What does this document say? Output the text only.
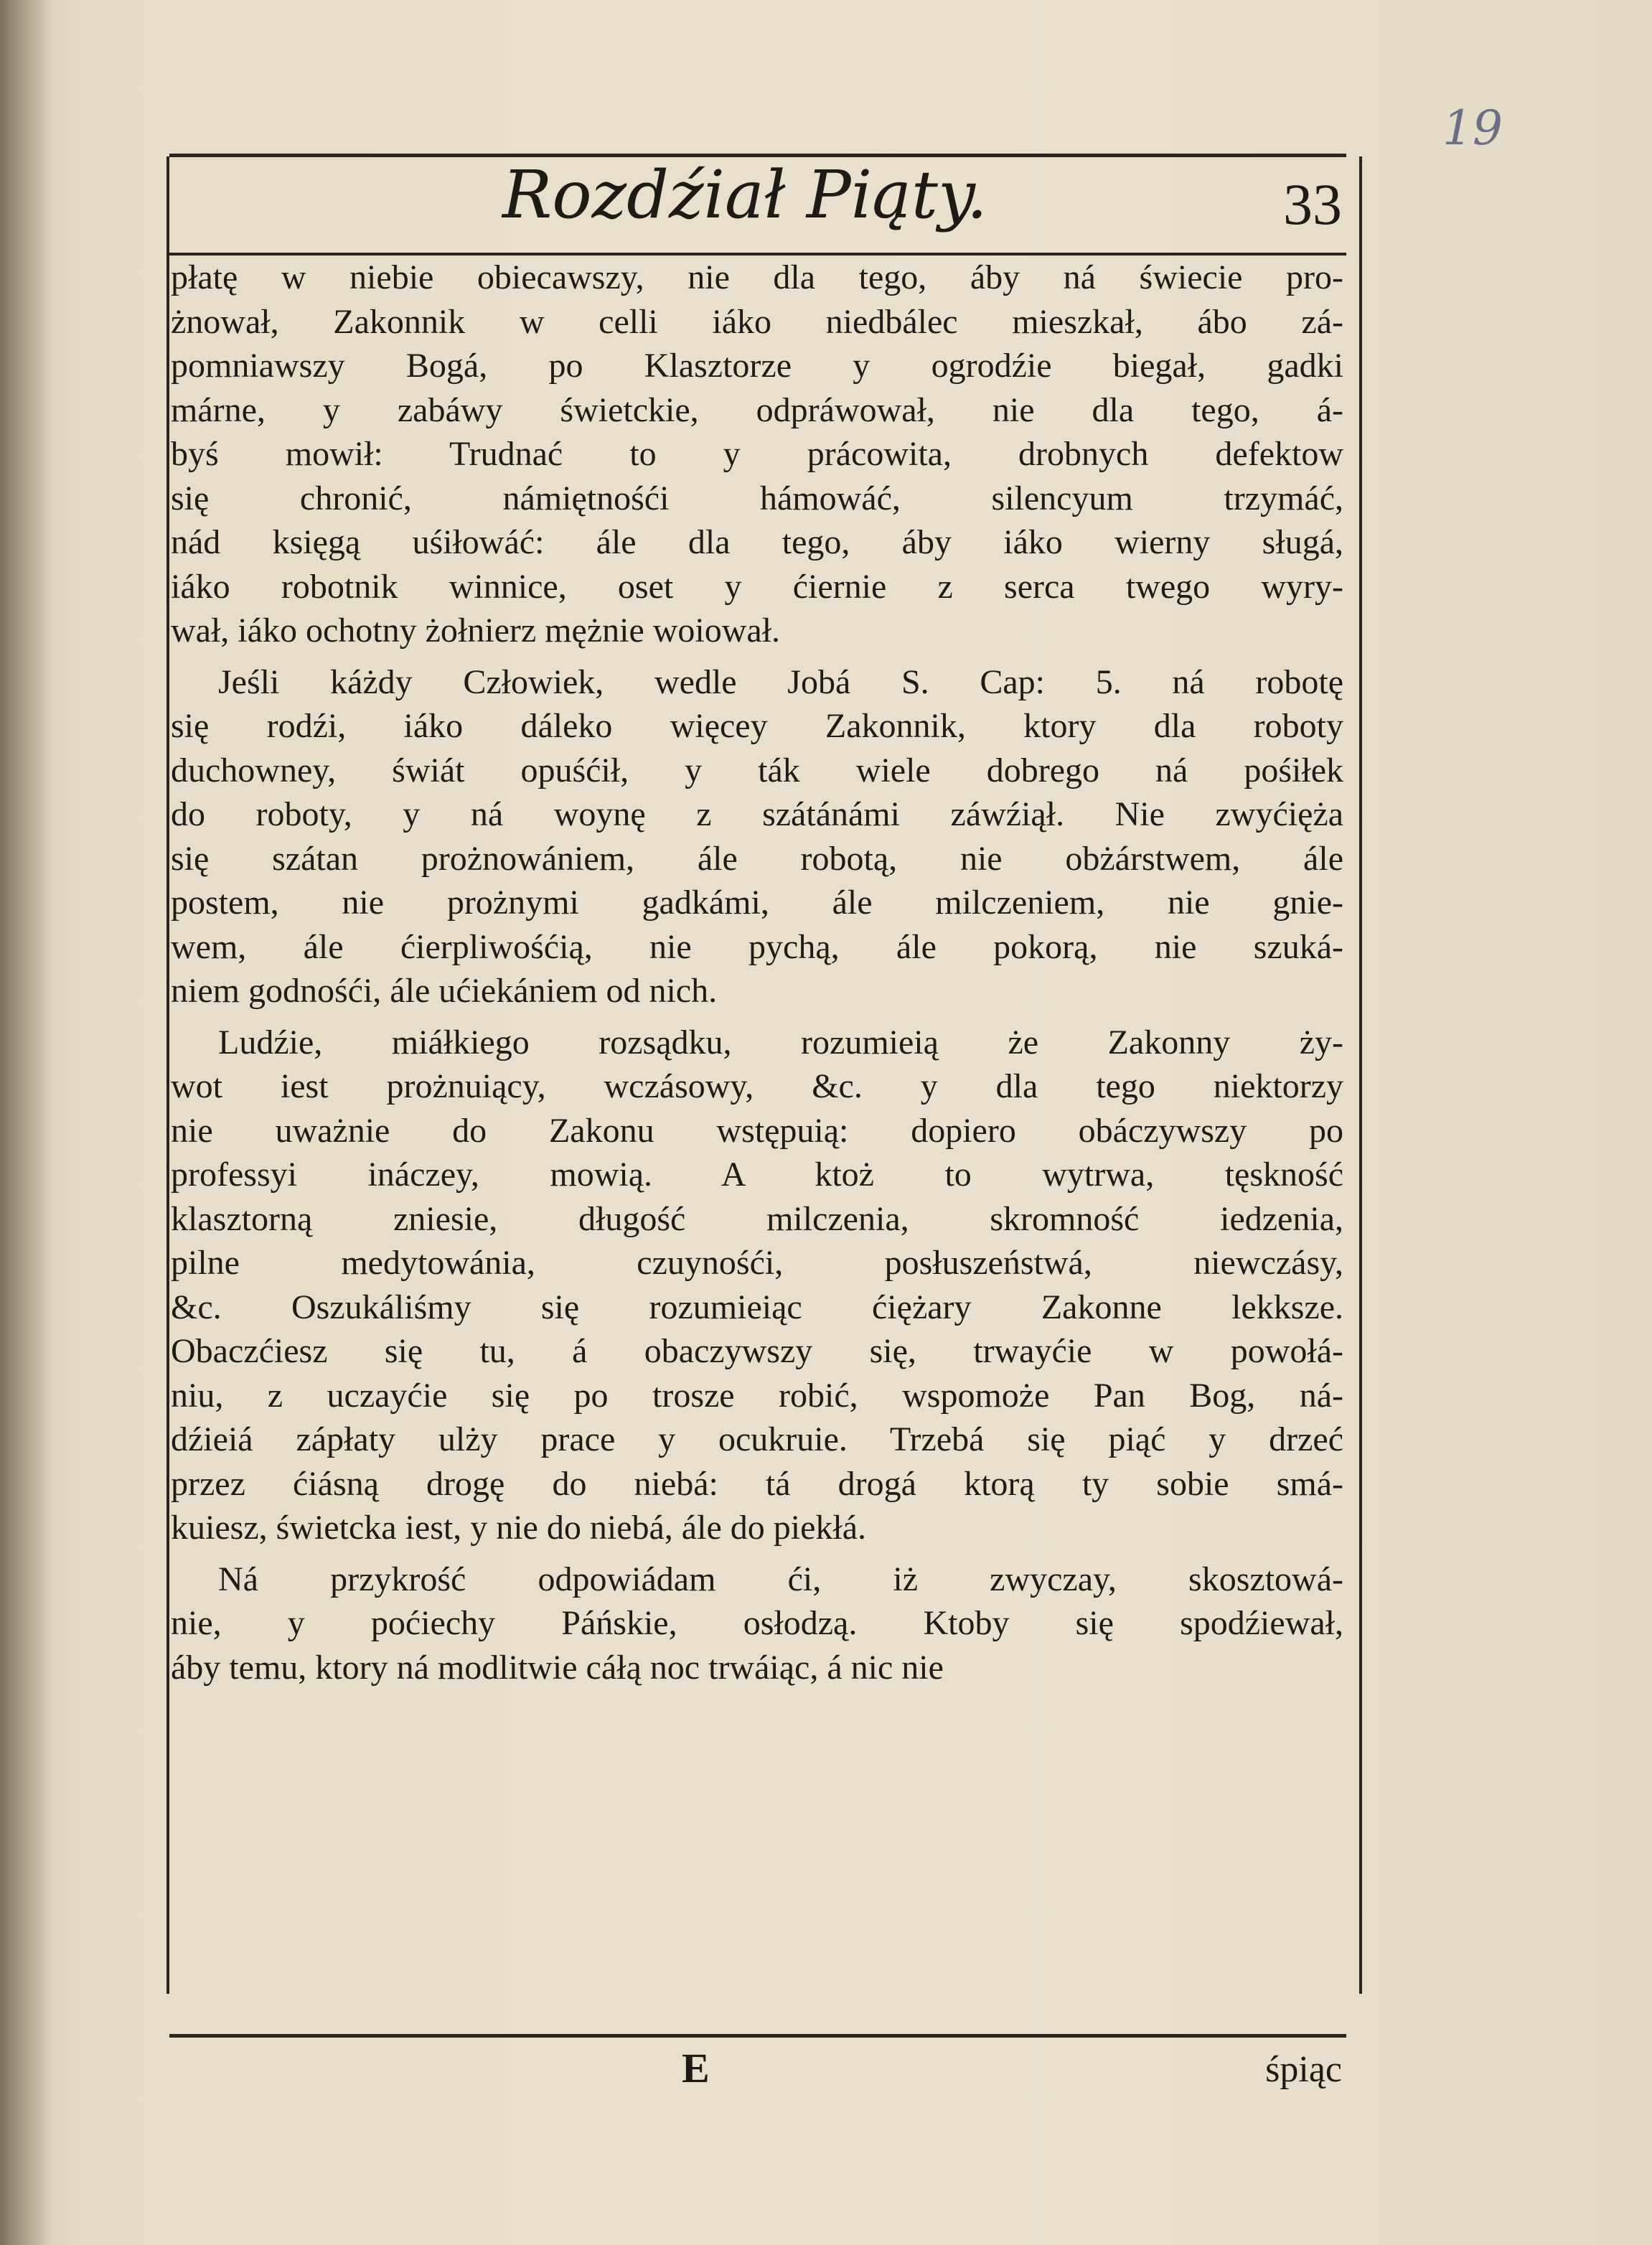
19
Rozdźiał Piąty.	33
płatę w niebie obiecawszy, nie dla tego, áby ná świecie pro-
żnował, Zakonnik w celli iáko niedbálec mieszkał, ábo zá-
pomniawszy Bogá, po Klasztorze y ogrodźie biegał, gadki
márne, y zabáwy świetckie, odpráwował, nie dla tego, á-
byś mowił: Trudnać to y prácowita, drobnych defektow
się chronić, námiętnośći hámowáć, silencyum trzymáć,
nád księgą uśiłowáć: ále dla tego, áby iáko wierny sługá,
iáko robotnik winnice, oset y ćiernie z serca twego wyry-
wał, iáko ochotny żołnierz mężnie woiował.
Jeśli káżdy Człowiek, wedle Jobá S. Cap: 5. ná robotę
się rodźi, iáko dáleko więcey Zakonnik, ktory dla roboty
duchowney, świát opuśćił, y ták wiele dobrego ná pośiłek
do roboty, y ná woynę z szátánámi záwźiął. Nie zwyćięża
się szátan prożnowániem, ále robotą, nie obżárstwem, ále
postem, nie prożnymi gadkámi, ále milczeniem, nie gnie-
wem, ále ćierpliwośćią, nie pychą, ále pokorą, nie szuká-
niem godnośći, ále ućiekániem od nich.
Ludźie, miáłkiego rozsądku, rozumieią że Zakonny ży-
wot iest prożnuiący, wczásowy, &c. y dla tego niektorzy
nie uważnie do Zakonu wstępuią: dopiero obáczywszy po
professyi ináczey, mowią. A ktoż to wytrwa, tęskność
klasztorną zniesie, długość milczenia, skromność iedzenia,
pilne medytowánia, czuynośći, posłuszeństwá, niewczásy,
&c. Oszukáliśmy się rozumieiąc ćiężary Zakonne lekksze.
Obaczćiesz się tu, á obaczywszy się, trwayćie w powołá-
niu, z uczayćie się po trosze robić, wspomoże Pan Bog, ná-
dźieiá zápłaty ulży prace y ocukruie. Trzebá się piąć y drzeć
przez ćiásną drogę do niebá: tá drogá ktorą ty sobie smá-
kuiesz, świetcka iest, y nie do niebá, ále do piekłá.
Ná przykrość odpowiádam ći, iż zwyczay, skosztowá-
nie, y poćiechy Páńskie, osłodzą. Ktoby się spodźiewał,
áby temu, ktory ná modlitwie cáłą noc trwáiąc, á nic nie
E	śpiąc
